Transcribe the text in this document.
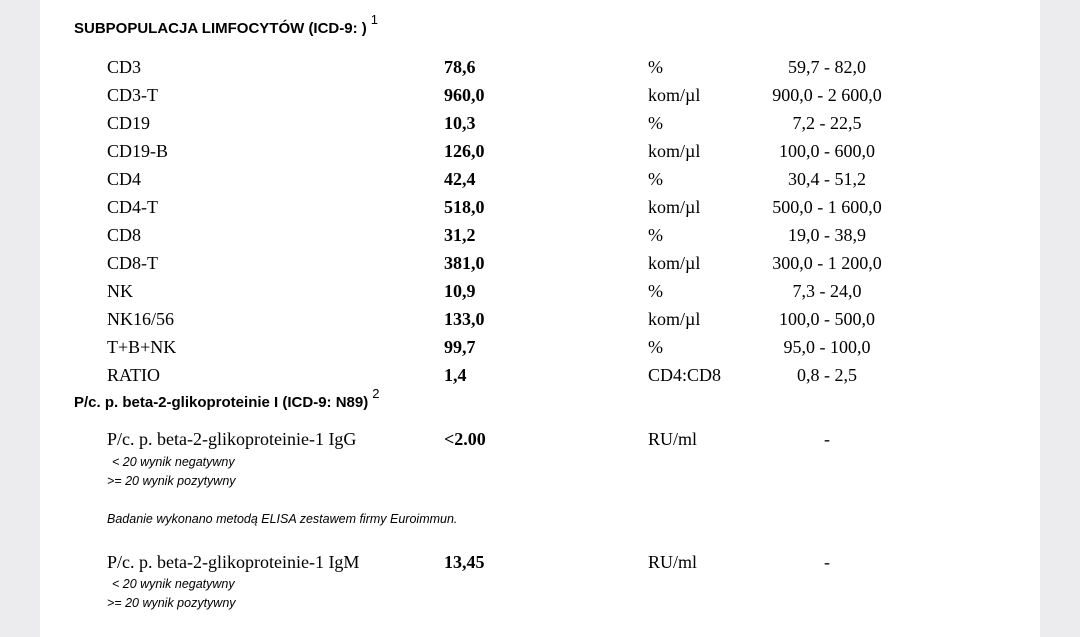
SUBPOPULACJA LIMFOCYTÓW (ICD-9: )1
CD3	78,6	%	59,7 - 82,0
CD3-T	960,0	kom/µl	900,0 - 2 600,0
CD19	10,3	%	7,2 - 22,5
CD19-B	126,0	kom/µl	100,0 - 600,0
CD4	42,4	%	30,4 - 51,2
CD4-T	518,0	kom/µl	500,0 - 1 600,0
CD8	31,2	%	19,0 - 38,9
CD8-T	381,0	kom/µl	300,0 - 1 200,0
NK	10,9	%	7,3 - 24,0
NK16/56	133,0	kom/µl	100,0 - 500,0
T+B+NK	99,7	%	95,0 - 100,0
RATIO	1,4	CD4:CD8	0,8 - 2,5
P/c. p. beta-2-glikoproteinie I (ICD-9: N89)2
P/c. p. beta-2-glikoproteinie-1 IgG	<2.00	RU/ml	-
< 20 wynik negatywny
>= 20 wynik pozytywny
Badanie wykonano metodą ELISA zestawem firmy Euroimmun.
P/c. p. beta-2-glikoproteinie-1 IgM	13,45	RU/ml	-
< 20 wynik negatywny
>= 20 wynik pozytywny
